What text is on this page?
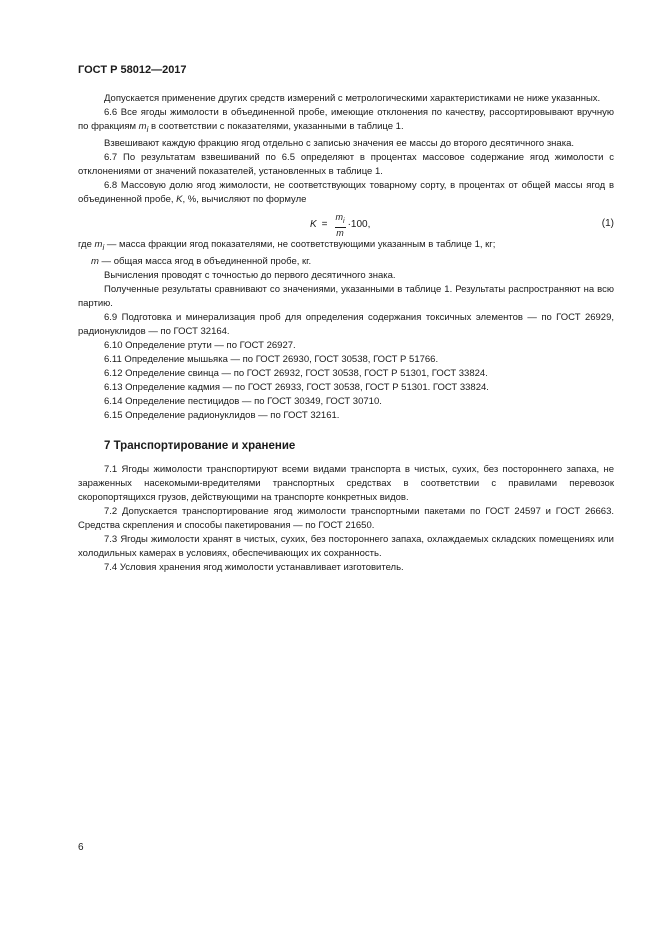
ГОСТ Р 58012—2017

Допускается применение других средств измерений с метрологическими характеристиками не ниже указанных.

6.6 Все ягоды жимолости в объединенной пробе, имеющие отклонения по качеству, рассортировывают вручную по фракциям $m_i$ в соответствии с показателями, указанными в таблице 1.

Взвешивают каждую фракцию ягод отдельно с записью значения ее массы до второго десятичного знака.

6.7 По результатам взвешиваний по 6.5 определяют в процентах массовое содержание ягод жимолости с отклонениями от значений показателей, установленных в таблице 1.

6.8 Массовую долю ягод жимолости, не соответствующих товарному сорту, в процентах от общей массы ягод в объединенной пробе, K, %, вычисляют по формуле

$K = \frac{m_i}{m} \cdot 100$,	(1)

где $m_i$ — масса фракции ягод показателями, не соответствующими указанным в таблице 1, кг;

m — общая масса ягод в объединенной пробе, кг.

Вычисления проводят с точностью до первого десятичного знака.

Полученные результаты сравнивают со значениями, указанными в таблице 1. Результаты распространяют на всю партию.

6.9 Подготовка и минерализация проб для определения содержания токсичных элементов — по ГОСТ 26929, радионуклидов — по ГОСТ 32164.

6.10 Определение ртути — по ГОСТ 26927.

6.11 Определение мышьяка — по ГОСТ 26930, ГОСТ 30538, ГОСТ Р 51766.

6.12 Определение свинца — по ГОСТ 26932, ГОСТ 30538, ГОСТ Р 51301, ГОСТ 33824.

6.13 Определение кадмия — по ГОСТ 26933, ГОСТ 30538, ГОСТ Р 51301. ГОСТ 33824.

6.14 Определение пестицидов — по ГОСТ 30349, ГОСТ 30710.

6.15 Определение радионуклидов — по ГОСТ 32161.

7 Транспортирование и хранение

7.1 Ягоды жимолости транспортируют всеми видами транспорта в чистых, сухих, без постороннего запаха, не зараженных насекомыми-вредителями транспортных средствах в соответствии с правилами перевозок скоропортящихся грузов, действующими на транспорте конкретных видов.

7.2 Допускается транспортирование ягод жимолости транспортными пакетами по ГОСТ 24597 и ГОСТ 26663. Средства скрепления и способы пакетирования — по ГОСТ 21650.

7.3 Ягоды жимолости хранят в чистых, сухих, без постороннего запаха, охлаждаемых складских помещениях или холодильных камерах в условиях, обеспечивающих их сохранность.

7.4 Условия хранения ягод жимолости устанавливает изготовитель.

6
